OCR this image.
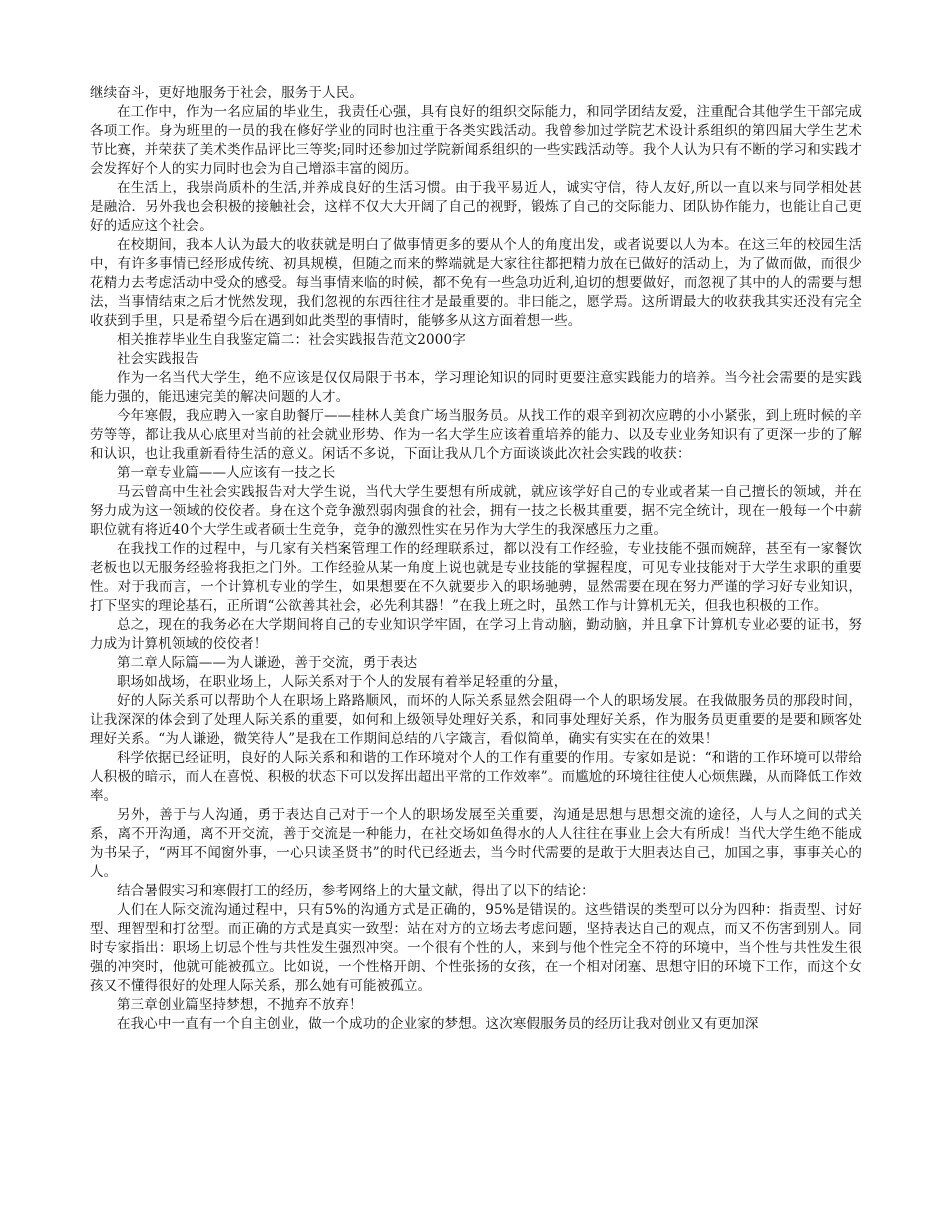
继续奋斗，更好地服务于社会，服务于人民。

在工作中，作为一名应届的毕业生，我责任心强，具有良好的组织交际能力，和同学团结友爱，注重配合其他学生干部完成各项工作。身为班里的一员的我在修好学业的同时也注重于各类实践活动。我曾参加过学院艺术设计系组织的第四届大学生艺术节比赛，并荣获了美术类作品评比三等奖;同时还参加过学院新闻系组织的一些实践活动等。我个人认为只有不断的学习和实践才会发挥好个人的实力同时也会为自己增添丰富的阅历。

在生活上，我崇尚质朴的生活,并养成良好的生活习惯。由于我平易近人，诚实守信，待人友好,所以一直以来与同学相处甚是融洽．另外我也会积极的接触社会，这样不仅大大开阔了自己的视野，锻炼了自己的交际能力、团队协作能力，也能让自己更好的适应这个社会。

在校期间，我本人认为最大的收获就是明白了做事情更多的要从个人的角度出发，或者说要以人为本。在这三年的校园生活中，有许多事情已经形成传统、初具规模，但随之而来的弊端就是大家往往都把精力放在已做好的活动上，为了做而做，而很少花精力去考虑活动中受众的感受。每当事情来临的时候，都不免有一些急功近利,迫切的想要做好，而忽视了其中的人的需要与想法，当事情结束之后才恍然发现，我们忽视的东西往往才是最重要的。非曰能之，愿学焉。这所谓最大的收获我其实还没有完全收获到手里，只是希望今后在遇到如此类型的事情时，能够多从这方面着想一些。

相关推荐毕业生自我鉴定篇二：社会实践报告范文2000字

社会实践报告

作为一名当代大学生，绝不应该是仅仅局限于书本，学习理论知识的同时更要注意实践能力的培养。当今社会需要的是实践能力强的，能迅速完美的解决问题的人才。

今年寒假，我应聘入一家自助餐厅——桂林人美食广场当服务员。从找工作的艰辛到初次应聘的小小紧张，到上班时候的辛劳等等，都让我从心底里对当前的社会就业形势、作为一名大学生应该着重培养的能力、以及专业业务知识有了更深一步的了解和认识，也让我重新看待生活的意义。闲话不多说，下面让我从几个方面谈谈此次社会实践的收获：

第一章专业篇——人应该有一技之长

马云曾高中生社会实践报告对大学生说，当代大学生要想有所成就，就应该学好自己的专业或者某一自己擅长的领域，并在努力成为这一领域的佼佼者。身在这个竞争激烈弱肉强食的社会，拥有一技之长极其重要，据不完全统计，现在一般每一个中薪职位就有将近40个大学生或者硕士生竞争，竞争的激烈性实在另作为大学生的我深感压力之重。

在我找工作的过程中，与几家有关档案管理工作的经理联系过，都以没有工作经验，专业技能不强而婉辞，甚至有一家餐饮老板也以无服务经验将我拒之门外。工作经验从某一角度上说也就是专业技能的掌握程度，可见专业技能对于大学生求职的重要性。对于我而言，一个计算机专业的学生，如果想要在不久就要步入的职场驰骋，显然需要在现在努力严谨的学习好专业知识，打下坚实的理论基石，正所谓“公欲善其社会，必先利其器！”在我上班之时，虽然工作与计算机无关，但我也积极的工作。

总之，现在的我务必在大学期间将自己的专业知识学牢固，在学习上肯动脑，勤动脑，并且拿下计算机专业必要的证书，努力成为计算机领域的佼佼者！

第二章人际篇——为人谦逊，善于交流，勇于表达

职场如战场，在职业场上，人际关系对于个人的发展有着举足轻重的分量，

好的人际关系可以帮助个人在职场上路路顺风，而坏的人际关系显然会阻碍一个人的职场发展。在我做服务员的那段时间，让我深深的体会到了处理人际关系的重要，如何和上级领导处理好关系，和同事处理好关系，作为服务员更重要的是要和顾客处理好关系。“为人谦逊，微笑待人”是我在工作期间总结的八字箴言，看似简单，确实有实实在在的效果！

科学依据已经证明，良好的人际关系和和谐的工作环境对个人的工作有重要的作用。专家如是说：“和谐的工作环境可以带给人积极的暗示，而人在喜悦、积极的状态下可以发挥出超出平常的工作效率”。而尴尬的环境往往使人心烦焦躁，从而降低工作效率。

另外，善于与人沟通，勇于表达自己对于一个人的职场发展至关重要，沟通是思想与思想交流的途径，人与人之间的式关系，离不开沟通，离不开交流，善于交流是一种能力，在社交场如鱼得水的人人往往在事业上会大有所成！当代大学生绝不能成为书呆子，“两耳不闻窗外事，一心只读圣贤书”的时代已经逝去，当今时代需要的是敢于大胆表达自己，加国之事，事事关心的人。

结合暑假实习和寒假打工的经历，参考网络上的大量文献，得出了以下的结论：

人们在人际交流沟通过程中，只有5%的沟通方式是正确的，95%是错误的。这些错误的类型可以分为四种：指责型、讨好型、理智型和打岔型。而正确的方式是真实一致型：站在对方的立场去考虑问题，坚持表达自己的观点，而又不伤害到别人。同时专家指出：职场上切忌个性与共性发生强烈冲突。一个很有个性的人，来到与他个性完全不符的环境中，当个性与共性发生很强的冲突时，他就可能被孤立。比如说，一个性格开朗、个性张扬的女孩，在一个相对闭塞、思想守旧的环境下工作，而这个女孩又不懂得很好的处理人际关系，那么她有可能被孤立。

第三章创业篇坚持梦想，不抛弃不放弃！

在我心中一直有一个自主创业，做一个成功的企业家的梦想。这次寒假服务员的经历让我对创业又有更加深
